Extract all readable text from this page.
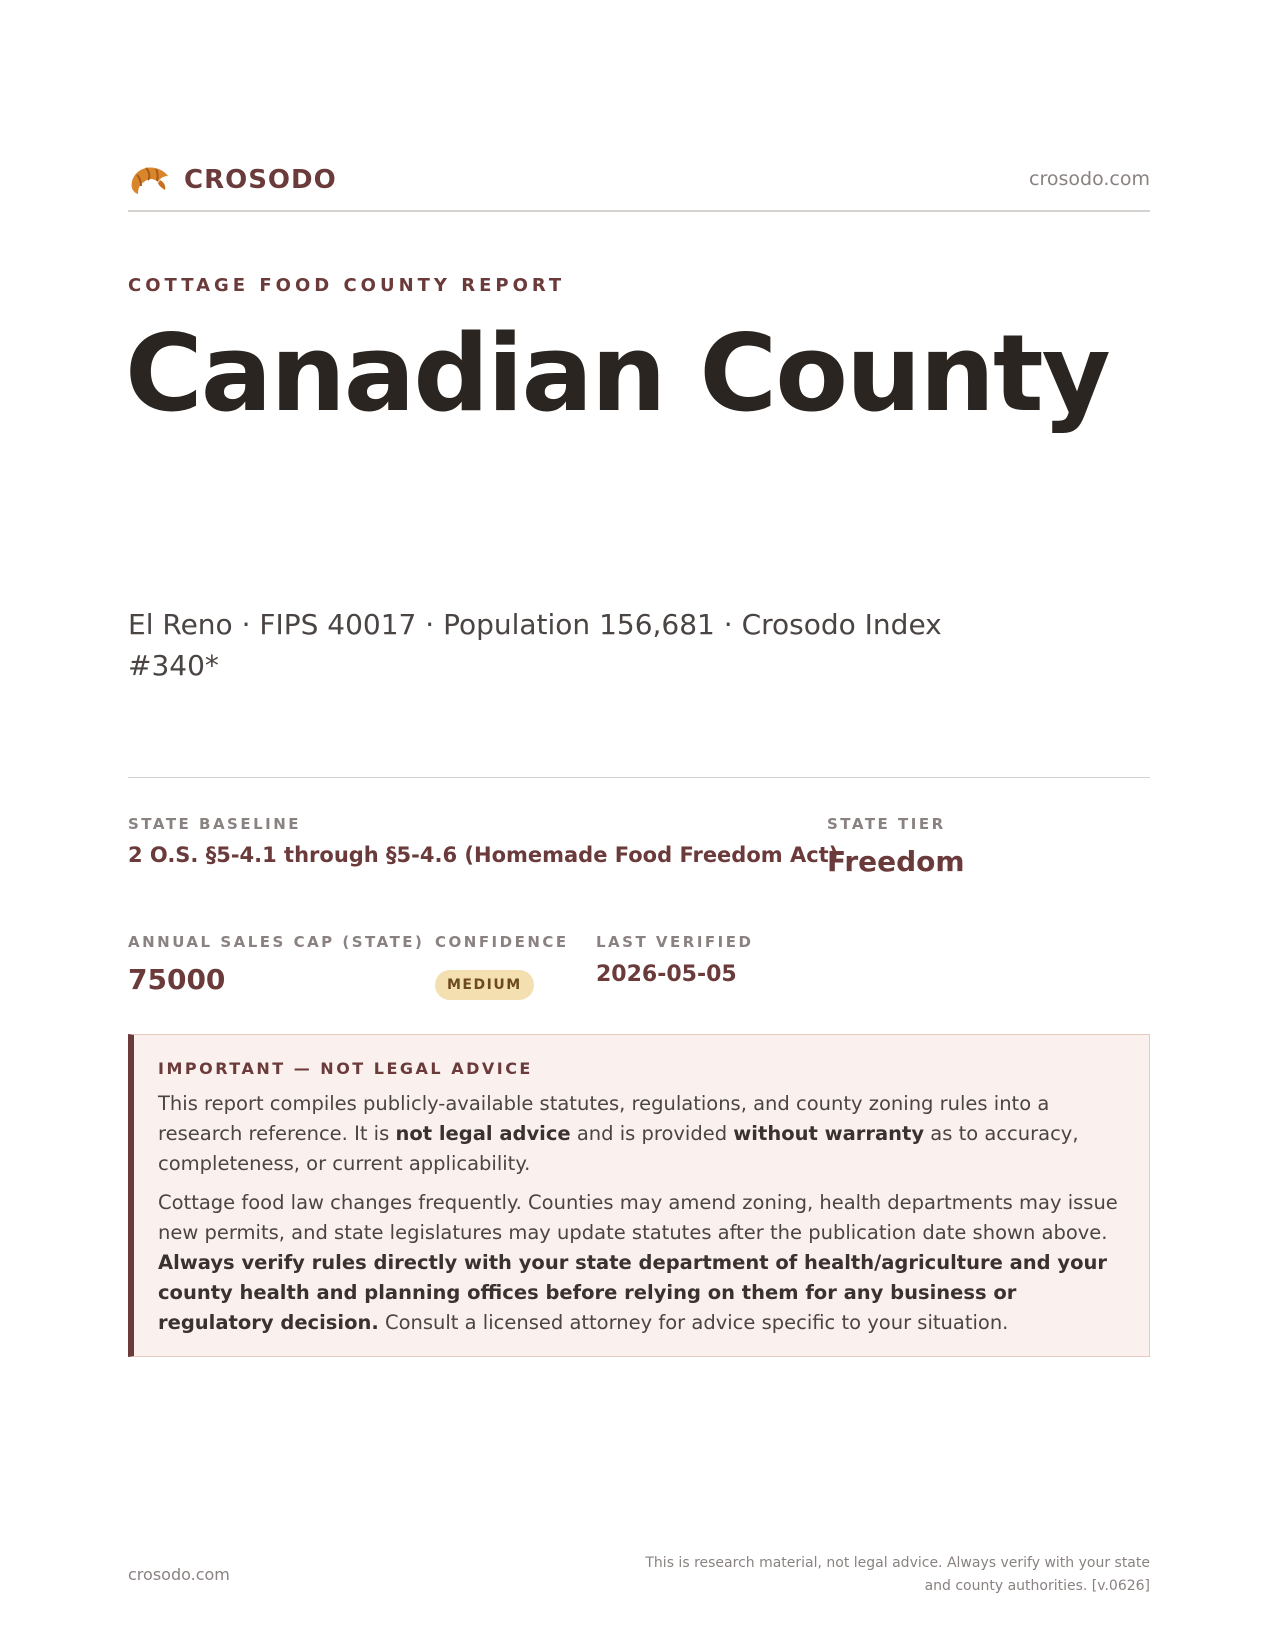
CROSODO	crosodo.com
COTTAGE FOOD COUNTY REPORT
Canadian County
El Reno · FIPS 40017 · Population 156,681 · Crosodo Index #340*
STATE BASELINE
2 O.S. §5-4.1 through §5-4.6 (Homemade Food Freedom Act)
STATE TIER
Freedom
ANNUAL SALES CAP (STATE)
75000
CONFIDENCE
MEDIUM
LAST VERIFIED
2026-05-05
IMPORTANT — NOT LEGAL ADVICE
This report compiles publicly-available statutes, regulations, and county zoning rules into a research reference. It is not legal advice and is provided without warranty as to accuracy, completeness, or current applicability.
Cottage food law changes frequently. Counties may amend zoning, health departments may issue new permits, and state legislatures may update statutes after the publication date shown above. Always verify rules directly with your state department of health/agriculture and your county health and planning offices before relying on them for any business or regulatory decision. Consult a licensed attorney for advice specific to your situation.
crosodo.com
This is research material, not legal advice. Always verify with your state
and county authorities. [v.0626]
